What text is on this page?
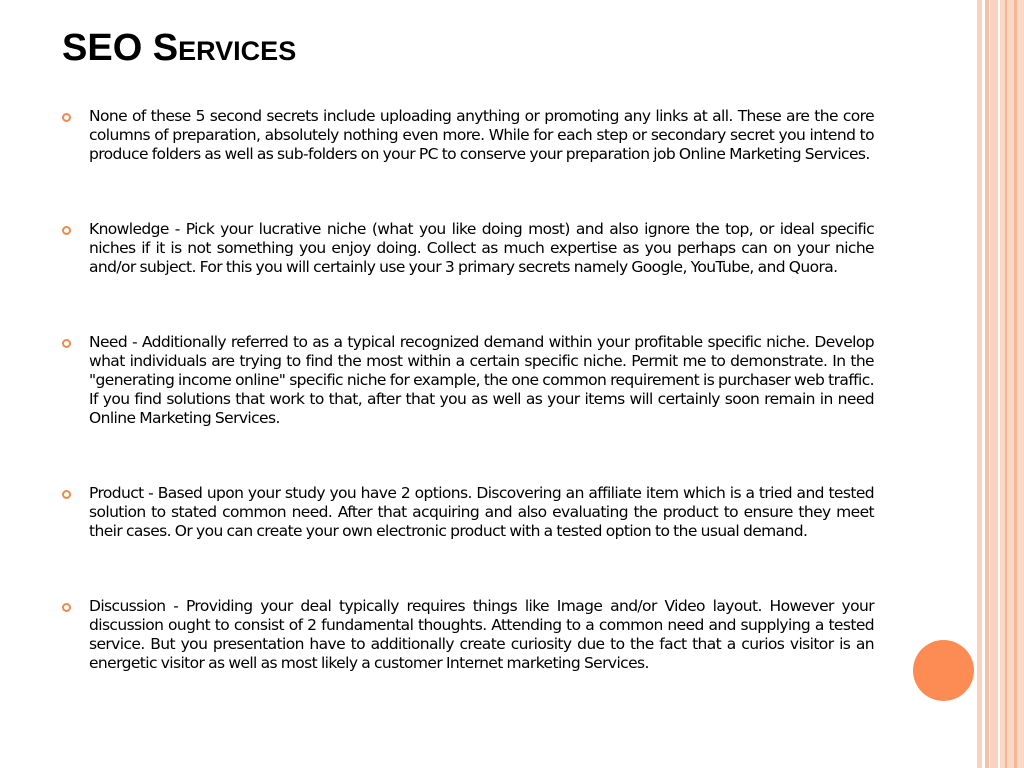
SEO Services

None of these 5 second secrets include uploading anything or promoting any links at all. These are the core columns of preparation, absolutely nothing even more. While for each step or secondary secret you intend to produce folders as well as sub-folders on your PC to conserve your preparation job Online Marketing Services.

Knowledge - Pick your lucrative niche (what you like doing most) and also ignore the top, or ideal specific niches if it is not something you enjoy doing. Collect as much expertise as you perhaps can on your niche and/or subject. For this you will certainly use your 3 primary secrets namely Google, YouTube, and Quora.

Need - Additionally referred to as a typical recognized demand within your profitable specific niche. Develop what individuals are trying to find the most within a certain specific niche. Permit me to demonstrate. In the "generating income online" specific niche for example, the one common requirement is purchaser web traffic. If you find solutions that work to that, after that you as well as your items will certainly soon remain in need Online Marketing Services.

Product - Based upon your study you have 2 options. Discovering an affiliate item which is a tried and tested solution to stated common need. After that acquiring and also evaluating the product to ensure they meet their cases. Or you can create your own electronic product with a tested option to the usual demand.

Discussion - Providing your deal typically requires things like Image and/or Video layout. However your discussion ought to consist of 2 fundamental thoughts. Attending to a common need and supplying a tested service. But you presentation have to additionally create curiosity due to the fact that a curios visitor is an energetic visitor as well as most likely a customer Internet marketing Services.
